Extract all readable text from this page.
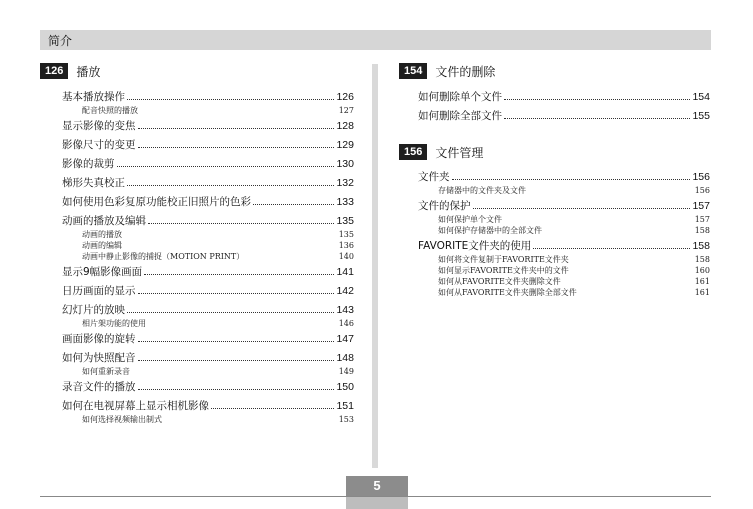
简介
126	播放
基本播放操作	126
配音快照的播放	127
显示影像的变焦	128
影像尺寸的变更	129
影像的裁剪	130
梯形失真校正	132
如何使用色彩复原功能校正旧照片的色彩	133
动画的播放及编辑	135
动画的播放	135
动画的编辑	136
动画中静止影像的捕捉（MOTION PRINT）	140
显示9幅影像画面	141
日历画面的显示	142
幻灯片的放映	143
相片架功能的使用	146
画面影像的旋转	147
如何为快照配音	148
如何重新录音	149
录音文件的播放	150
如何在电视屏幕上显示相机影像	151
如何选择视频输出制式	153
154	文件的删除
如何删除单个文件	154
如何删除全部文件	155
156	文件管理
文件夹	156
存储器中的文件夹及文件	156
文件的保护	157
如何保护单个文件	157
如何保护存储器中的全部文件	158
FAVORITE文件夹的使用	158
如何将文件复制于FAVORITE文件夹	158
如何显示FAVORITE文件夹中的文件	160
如何从FAVORITE文件夹删除文件	161
如何从FAVORITE文件夹删除全部文件	161
5
